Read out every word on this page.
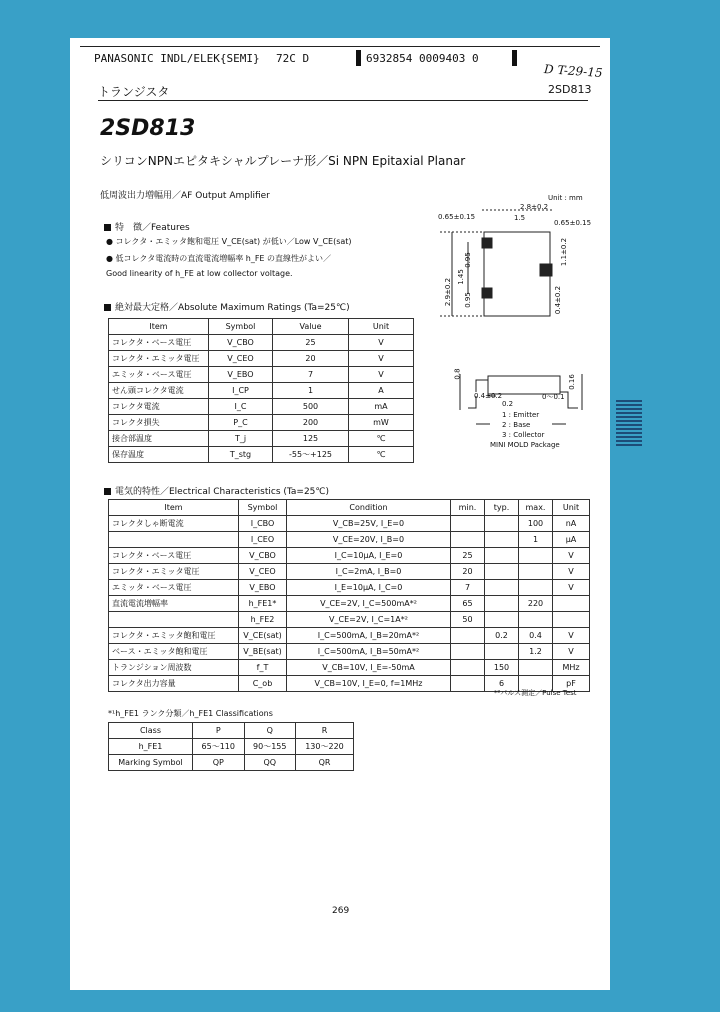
PANASONIC INDL/ELEK{SEMI} 72C D	6932854 0009403 0
D T-29-15
トランジスタ	2SD813
2SD813
シリコンNPNエピタキシャルプレーナ形／Si NPN Epitaxial Planar
低周波出力増幅用／AF Output Amplifier
特　徴／Features
● コレクタ・エミッタ飽和電圧 V_CE(sat) が低い／Low V_CE(sat)
● 低コレクタ電流時の直流電流増幅率 h_FE の直線性がよい／Good linearity of h_FE at low collector voltage.
絶対最大定格／Absolute Maximum Ratings (Ta=25℃)
Item	Symbol	Value	Unit
コレクタ・ベース電圧	V_CBO	25	V
コレクタ・エミッタ電圧	V_CEO	20	V
エミッタ・ベース電圧	V_EBO	7	V
せん頭コレクタ電流	I_CP	1	A
コレクタ電流	I_C	500	mA
コレクタ損失	P_C	200	mW
接合部温度	T_j	125	℃
保存温度	T_stg	-55～+125	℃
Unit : mm
2.8±0.2
0.65±0.15	1.5
0.65±0.15
2.9±0.2
1.45
0.95
0.95
1.1±0.2
0.4±0.2
0.8
0.16
0.4±0.2	0～0.1
0.2
1 : Emitter
2 : Base
3 : Collector
MINI MOLD Package
電気的特性／Electrical Characteristics (Ta=25℃)
Item	Symbol	Condition	min.	typ.	max.	Unit
コレクタしゃ断電流	I_CBO	V_CB=25V, I_E=0			100	nA
	I_CEO	V_CE=20V, I_B=0			1	μA
コレクタ・ベース電圧	V_CBO	I_C=10μA, I_E=0	25			V
コレクタ・エミッタ電圧	V_CEO	I_C=2mA, I_B=0	20			V
エミッタ・ベース電圧	V_EBO	I_E=10μA, I_C=0	7			V
直流電流増幅率	h_FE1*	V_CE=2V, I_C=500mA*²	65		220	
	h_FE2	V_CE=2V, I_C=1A*²	50			
コレクタ・エミッタ飽和電圧	V_CE(sat)	I_C=500mA, I_B=20mA*²		0.2	0.4	V
ベース・エミッタ飽和電圧	V_BE(sat)	I_C=500mA, I_B=50mA*²			1.2	V
トランジション周波数	f_T	V_CB=10V, I_E=-50mA		150		MHz
コレクタ出力容量	C_ob	V_CB=10V, I_E=0, f=1MHz		6		pF
*²パルス測定／Pulse Test
*¹h_FE1 ランク分類／h_FE1 Classifications
Class	P	Q	R
h_FE1	65～110	90～155	130～220
Marking Symbol	QP	QQ	QR
269
